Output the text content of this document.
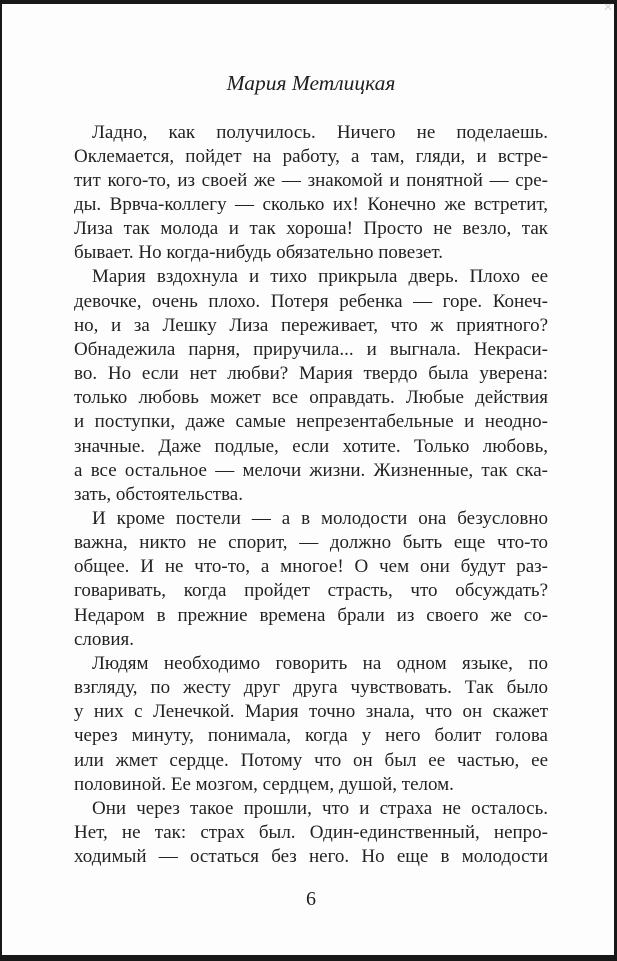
✕
Мария Метлицкая
Ладно, как получилось. Ничего не поделаешь.
Оклемается, пойдет на работу, а там, гляди, и встре-
тит кого-то, из своей же — знакомой и понятной — сре-
ды. Врвча-коллегу — сколько их! Конечно же встретит,
Лиза так молода и так хороша! Просто не везло, так
бывает. Но когда-нибудь обязательно повезет.
Мария вздохнула и тихо прикрыла дверь. Плохо ее
девочке, очень плохо. Потеря ребенка — горе. Конеч-
но, и за Лешку Лиза переживает, что ж приятного?
Обнадежила парня, приручила... и выгнала. Некраси-
во. Но если нет любви? Мария твердо была уверена:
только любовь может все оправдать. Любые действия
и поступки, даже самые непрезентабельные и неодно-
значные. Даже подлые, если хотите. Только любовь,
а все остальное — мелочи жизни. Жизненные, так ска-
зать, обстоятельства.
И кроме постели — а в молодости она безусловно
важна, никто не спорит, — должно быть еще что-то
общее. И не что-то, а многое! О чем они будут раз-
говаривать, когда пройдет страсть, что обсуждать?
Недаром в прежние времена брали из своего же со-
словия.
Людям необходимо говорить на одном языке, по
взгляду, по жесту друг друга чувствовать. Так было
у них с Ленечкой. Мария точно знала, что он скажет
через минуту, понимала, когда у него болит голова
или жмет сердце. Потому что он был ее частью, ее
половиной. Ее мозгом, сердцем, душой, телом.
Они через такое прошли, что и страха не осталось.
Нет, не так: страх был. Один-единственный, непро-
ходимый — остаться без него. Но еще в молодости
6
